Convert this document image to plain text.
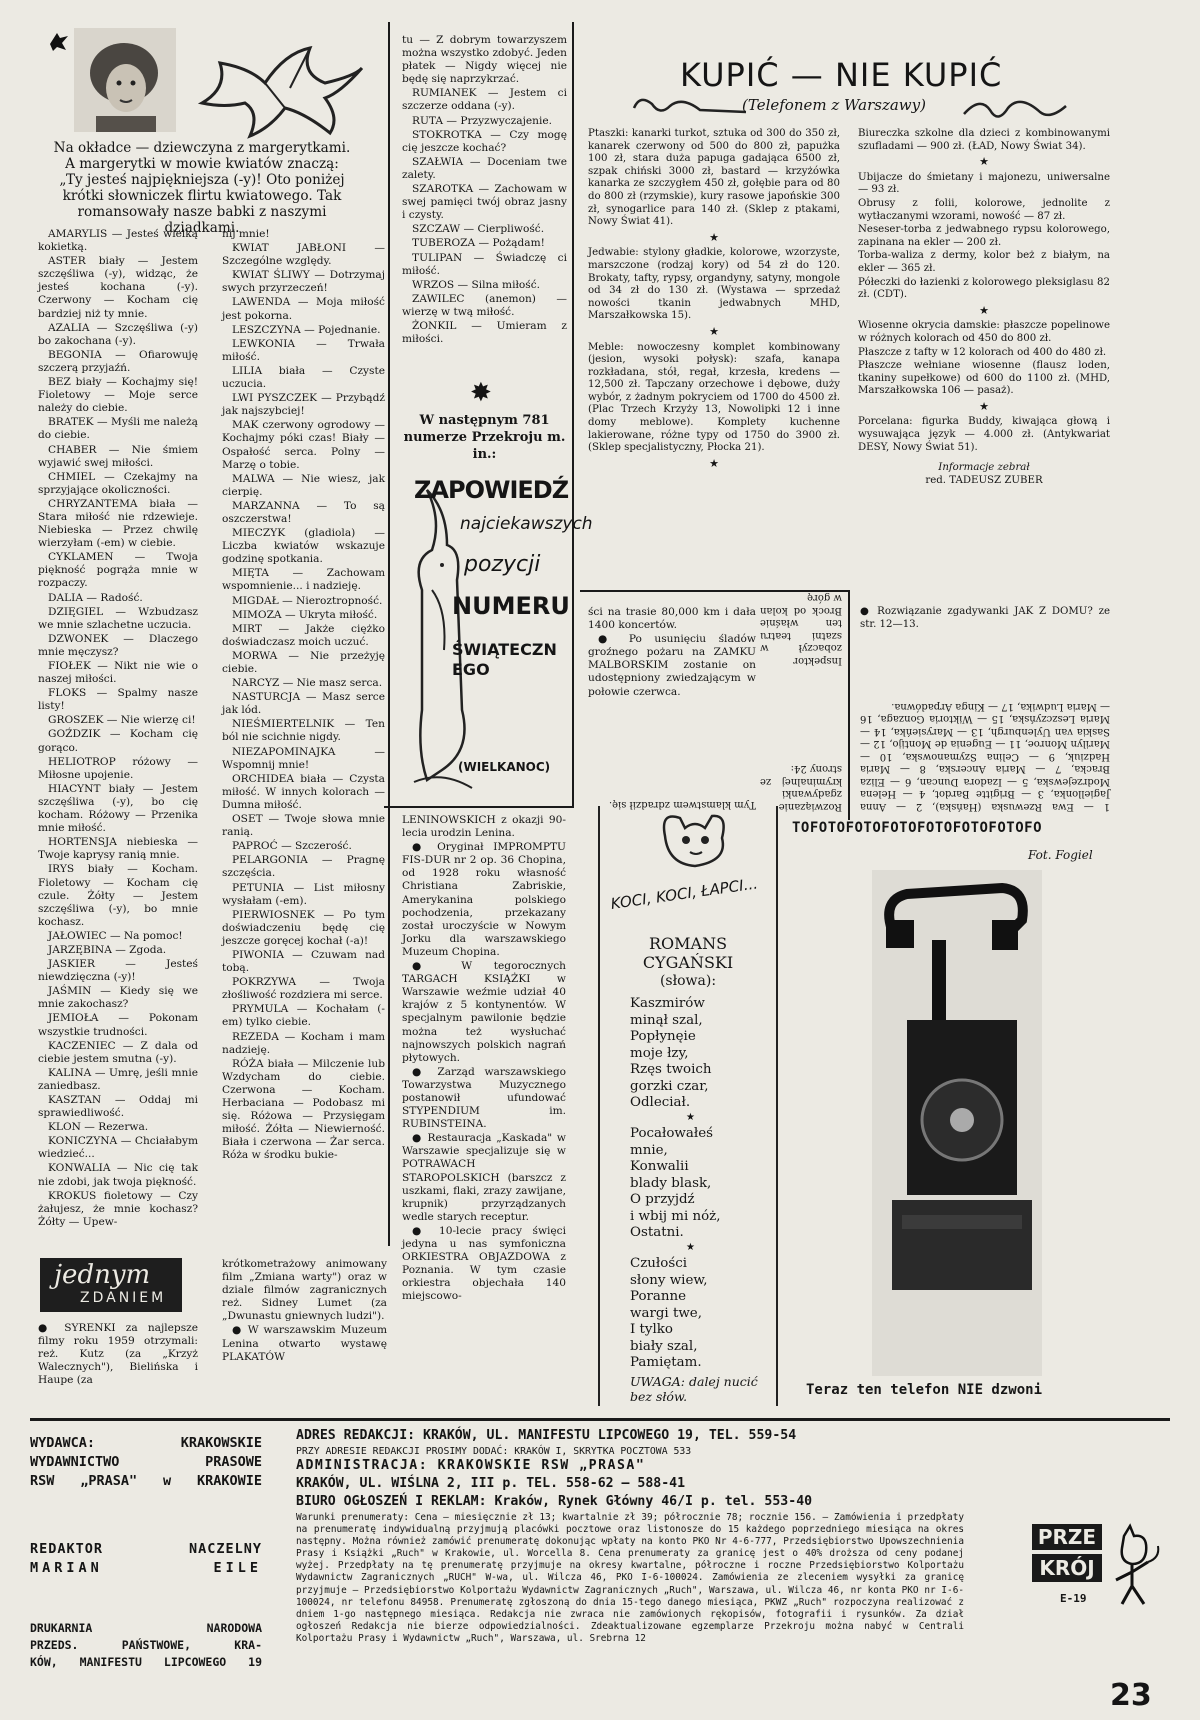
Na okładce — dziewczyna z margerytkami. A margerytki w mowie kwiatów znaczą: „Ty jesteś najpiękniejsza (-y)! Oto poniżej krótki słowniczek flirtu kwiatowego. Tak romansowały nasze babki z naszymi dziadkami.

AMARYLIS — Jesteś wielką kokietką.

ASTER biały — Jestem szczęśliwa (-y), widząc, że jesteś kochana (-y). Czerwony — Kocham cię bardziej niż ty mnie.

AZALIA — Szczęśliwa (-y) bo zakochana (-y).

BEGONIA — Ofiarowuję szczerą przyjaźń.

BEZ biały — Kochajmy się! Fioletowy — Moje serce należy do ciebie.

BRATEK — Myśli me należą do ciebie.

CHABER — Nie śmiem wyjawić swej miłości.

CHMIEL — Czekajmy na sprzyjające okoliczności.

CHRYZANTEMA biała — Stara miłość nie rdzewieje. Niebieska — Przez chwilę wierzyłam (-em) w ciebie.

CYKLAMEN — Twoja piękność pogrąża mnie w rozpaczy.

DALIA — Radość.

DZIĘGIEL — Wzbudzasz we mnie szlachetne uczucia.

DZWONEK — Dlaczego mnie męczysz?

FIOŁEK — Nikt nie wie o naszej miłości.

FLOKS — Spalmy nasze listy!

GROSZEK — Nie wierzę ci!

GOŹDZIK — Kocham cię gorąco.

HELIOTROP różowy — Miłosne upojenie.

HIACYNT biały — Jestem szczęśliwa (-y), bo cię kocham. Różowy — Przenika mnie miłość.

HORTENSJA niebieska — Twoje kaprysy ranią mnie.

IRYS biały — Kocham. Fioletowy — Kocham cię czule. Żółty — Jestem szczęśliwa (-y), bo mnie kochasz.

JAŁOWIEC — Na pomoc!

JARZĘBINA — Zgoda.

JASKIER — Jesteś niewdzięczna (-y)!

JAŚMIN — Kiedy się we mnie zakochasz?

JEMIOŁA — Pokonam wszystkie trudności.

KACZENIEC — Z dala od ciebie jestem smutna (-y).

KALINA — Umrę, jeśli mnie zaniedbasz.

KASZTAN — Oddaj mi sprawiedliwość.

KLON — Rezerwa.

KONICZYNA — Chciałabym wiedzieć...

KONWALIA — Nic cię tak nie zdobi, jak twoja piękność.

KROKUS fioletowy — Czy żałujesz, że mnie kochasz? Żółty — Upew-

nij mnie!

KWIAT JABŁONI — Szczególne względy.

KWIAT ŚLIWY — Dotrzymaj swych przyrzeczeń!

LAWENDA — Moja miłość jest pokorna.

LESZCZYNA — Pojednanie.

LEWKONIA — Trwała miłość.

LILIA biała — Czyste uczucia.

LWI PYSZCZEK — Przybądź jak najszybciej!

MAK czerwony ogrodowy — Kochajmy póki czas! Biały — Ospałość serca. Polny — Marzę o tobie.

MALWA — Nie wiesz, jak cierpię.

MARZANNA — To są oszczerstwa!

MIECZYK (gladiola) — Liczba kwiatów wskazuje godzinę spotkania.

MIĘTA — Zachowam wspomnienie... i nadzieję.

MIGDAŁ — Nieroztropność.

MIMOZA — Ukryta miłość.

MIRT — Jakże ciężko doświadczasz moich uczuć.

MORWA — Nie przeżyję ciebie.

NARCYZ — Nie masz serca.

NASTURCJA — Masz serce jak lód.

NIEŚMIERTELNIK — Ten ból nie scichnie nigdy.

NIEZAPOMINAJKA — Wspomnij mnie!

ORCHIDEA biała — Czysta miłość. W innych kolorach — Dumna miłość.

OSET — Twoje słowa mnie ranią.

PAPROĆ — Szczerość.

PELARGONIA — Pragnę szczęścia.

PETUNIA — List miłosny wysłałam (-em).

PIERWIOSNEK — Po tym doświadczeniu będę cię jeszcze goręcej kochał (-a)!

PIWONIA — Czuwam nad tobą.

POKRZYWA — Twoja złośliwość rozdziera mi serce.

PRYMULA — Kochałam (-em) tylko ciebie.

REZEDA — Kocham i mam nadzieję.

RÓŻA biała — Milczenie lub Wzdycham do ciebie. Czerwona — Kocham. Herbaciana — Podobasz mi się. Różowa — Przysięgam miłość. Żółta — Niewierność. Biała i czerwona — Żar serca. Róża w środku bukie-

tu — Z dobrym towarzyszem można wszystko zdobyć. Jeden płatek — Nigdy więcej nie będę się naprzykrzać.

RUMIANEK — Jestem ci szczerze oddana (-y).

RUTA — Przyzwyczajenie.

STOKROTKA — Czy mogę cię jeszcze kochać?

SZAŁWIA — Doceniam twe zalety.

SZAROTKA — Zachowam w swej pamięci twój obraz jasny i czysty.

SZCZAW — Cierpliwość.

TUBEROZA — Pożądam!

TULIPAN — Świadczę ci miłość.

WRZOS — Silna miłość.

ZAWILEC (anemon) — wierzę w twą miłość.

ŻONKIL — Umieram z miłości.

✸
W następnym 781 numerze Przekroju m. in.:
ZAPOWIEDŹ
najciekawszych
pozycji
NUMERU
ŚWIĄTECZNEGO
(WIELKANOC)
jednym
ZDANIEM

● SYRENKI za najlepsze filmy roku 1959 otrzymali: reż. Kutz (za „Krzyż Walecznych"), Bielińska i Haupe (za

krótkometrażowy animowany film „Zmiana warty") oraz w dziale filmów zagranicznych reż. Sidney Lumet (za „Dwunastu gniewnych ludzi").

● W warszawskim Muzeum Lenina otwarto wystawę PLAKATÓW

LENINOWSKICH z okazji 90-lecia urodzin Lenina.

● Oryginał IMPROMPTU FIS-DUR nr 2 op. 36 Chopina, od 1928 roku własność Christiana Zabriskie, Amerykanina polskiego pochodzenia, przekazany został uroczyście w Nowym Jorku dla warszawskiego Muzeum Chopina.

● W tegorocznych TARGACH KSIĄŻKI w Warszawie weźmie udział 40 krajów z 5 kontynentów. W specjalnym pawilonie będzie można też wysłuchać najnowszych polskich nagrań płytowych.

● Zarząd warszawskiego Towarzystwa Muzycznego postanowił ufundować STYPENDIUM im. RUBINSTEINA.

● Restauracja „Kaskada" w Warszawie specjalizuje się w POTRAWACH STAROPOLSKICH (barszcz z uszkami, flaki, zrazy zawijane, krupnik) przyrządzanych wedle starych receptur.

● 10-lecie pracy święci jedyna u nas symfoniczna ORKIESTRA OBJAZDOWA z Poznania. W tym czasie orkiestra objechała 140 miejscowo-

KUPIĆ — NIE KUPIĆ
(Telefonem z Warszawy)

Ptaszki: kanarki turkot, sztuka od 300 do 350 zł, kanarek czerwony od 500 do 800 zł, papużka 100 zł, stara duża papuga gadająca 6500 zł, szpak chiński 3000 zł, bastard — krzyżówka kanarka ze szczygłem 450 zł, gołębie para od 80 do 800 zł (rzymskie), kury rasowe japońskie 300 zł, synogarlice para 140 zł. (Sklep z ptakami, Nowy Świat 41).

★

Jedwabie: stylony gładkie, kolorowe, wzorzyste, marszczone (rodzaj kory) od 54 zł do 120. Brokaty, tafty, rypsy, organdyny, satyny, mongole od 34 zł do 130 zł. (Wystawa — sprzedaż nowości tkanin jedwabnych MHD, Marszałkowska 15).

★

Meble: nowoczesny komplet kombinowany (jesion, wysoki połysk): szafa, kanapa rozkładana, stół, regał, krzesła, kredens — 12,500 zł. Tapczany orzechowe i dębowe, duży wybór, z żadnym pokryciem od 1700 do 4500 zł. (Plac Trzech Krzyży 13, Nowolipki 12 i inne domy meblowe). Komplety kuchenne lakierowane, różne typy od 1750 do 3900 zł. (Sklep specjalistyczny, Płocka 21).

★

Biureczka szkolne dla dzieci z kombinowanymi szufladami — 900 zł. (ŁAD, Nowy Świat 34).

★

Ubijacze do śmietany i majonezu, uniwersalne — 93 zł.

Obrusy z folii, kolorowe, jednolite z wytłaczanymi wzorami, nowość — 87 zł.

Neseser-torba z jedwabnego rypsu kolorowego, zapinana na ekler — 200 zł.

Torba-waliza z dermy, kolor beż z białym, na ekler — 365 zł.

Półeczki do łazienki z kolorowego pleksiglasu 82 zł. (CDT).

★

Wiosenne okrycia damskie: płaszcze popelinowe w różnych kolorach od 450 do 800 zł.

Płaszcze z tafty w 12 kolorach od 400 do 480 zł.

Płaszcze wełniane wiosenne (flausz loden, tkaniny supełkowe) od 600 do 1100 zł. (MHD, Marszałkowska 106 — pasaż).

★

Porcelana: figurka Buddy, kiwająca głową i wysuwająca język — 4.000 zł. (Antykwariat DESY, Nowy Świat 51).

Informacje zebrał
red. TADEUSZ ZUBER

ści na trasie 80,000 km i dała 1400 koncertów.

● Po usunięciu śladów groźnego pożaru na ZAMKU MALBORSKIM zostanie on udostępniony zwiedzającym w połowie czerwca.

Inspektor zobaczył w szatni teatru ten właśnie Brock od kolan w górę

Tym klamstwem zdradził się.	Rozwiązanie zgadywanki kryminalnej ze strony 24:

● Rozwiązanie zgadywanki JAK Z DOMU? ze str. 12—13.

1 — Ewa Rzewuska (Hańska), 2 — Anna Jagiellonka, 3 — Brigitte Bardot, 4 — Helena Modrzejewska, 5 — Izadora Duncan, 6 — Eliza Bracka, 7 — Maria Ancerska, 8 — Maria Hadziuk, 9 — Celina Szymanowska, 10 — Marilyn Monroe, 11 — Eugenia de Montijo, 12 — Saskia van Uylenburgh, 13 — Marysieńka, 14 — Maria Leszczyńska, 15 — Wiktoria Gonzaga, 16 — Maria Ludwika, 17 — Kinga Arpadówna.

KOCI, KOCI, ŁAPCI...
ROMANS
CYGAŃSKI
(słowa):
Kaszmirów
minął szal,
Popłynęie
moje łzy,
Rzęs twoich
gorzki czar,
Odleciał.
★
Pocałowałeś
mnie,
Konwalii
blady blask,
O przyjdź
i wbij mi nóż,
Ostatni.
★
Czułości
słony wiew,
Poranne
wargi twe,
I tylko
biały szal,
Pamiętam.
UWAGA: dalej nucić bez słów.
TOFOTOFOTOFOTOFOTOFOTOFOTOFO
Fot. Fogiel
Teraz ten telefon NIE dzwoni
WYDAWCA: KRAKOWSKIE
WYDAWNICTWO PRASOWE
RSW „PRASA" w KRAKOWIE
REDAKTOR NACZELNY
MARIAN EILE
DRUKARNIA NARODOWA
PRZEDS. PAŃSTWOWE, KRA-
KÓW, MANIFESTU LIPCOWEGO 19
ADRES REDAKCJI: KRAKÓW, UL. MANIFESTU LIPCOWEGO 19, TEL. 559-54
PRZY ADRESIE REDAKCJI PROSIMY DODAĆ: KRAKÓW I, SKRYTKA POCZTOWA 533
ADMINISTRACJA: KRAKOWSKIE RSW „PRASA"
KRAKÓW, UL. WIŚLNA 2, III p. TEL. 558-62 — 588-41
BIURO OGŁOSZEŃ I REKLAM: Kraków, Rynek Główny 46/I p. tel. 553-40
Warunki prenumeraty: Cena — miesięcznie zł 13; kwartalnie zł 39; półrocznie 78; rocznie 156. — Zamówienia i przedpłaty na prenumeratę indywidualną przyjmują placówki pocztowe oraz listonosze do 15 każdego poprzedniego miesiąca na okres następny. Można również zamówić prenumeratę dokonując wpłaty na konto PKO Nr 4-6-777, Przedsiębiorstwo Upowszechnienia Prasy i Książki „Ruch" w Krakowie, ul. Worcella 8. Cena prenumeraty za granicę jest o 40% droższa od ceny podanej wyżej. Przedpłaty na tę prenumeratę przyjmuje na okresy kwartalne, półroczne i roczne Przedsiębiorstwo Kolportażu Wydawnictw Zagranicznych „RUCH" W-wa, ul. Wilcza 46, PKO I-6-100024. Zamówienia ze zleceniem wysyłki za granicę przyjmuje — Przedsiębiorstwo Kolportażu Wydawnictw Zagranicznych „Ruch", Warszawa, ul. Wilcza 46, nr konta PKO nr I-6-100024, nr telefonu 84958. Prenumeratę zgłoszoną do dnia 15-tego danego miesiąca, PKWZ „Ruch" rozpoczyna realizować z dniem 1-go następnego miesiąca. Redakcja nie zwraca nie zamówionych rękopisów, fotografii i rysunków. Za dział ogłoszeń Redakcja nie bierze odpowiedzialności. Zdeaktualizowane egzemplarze Przekroju można nabyć w Centrali Kolportażu Prasy i Wydawnictw „Ruch", Warszawa, ul. Srebrna 12
PRZE
KRÓJ
E-19
23
